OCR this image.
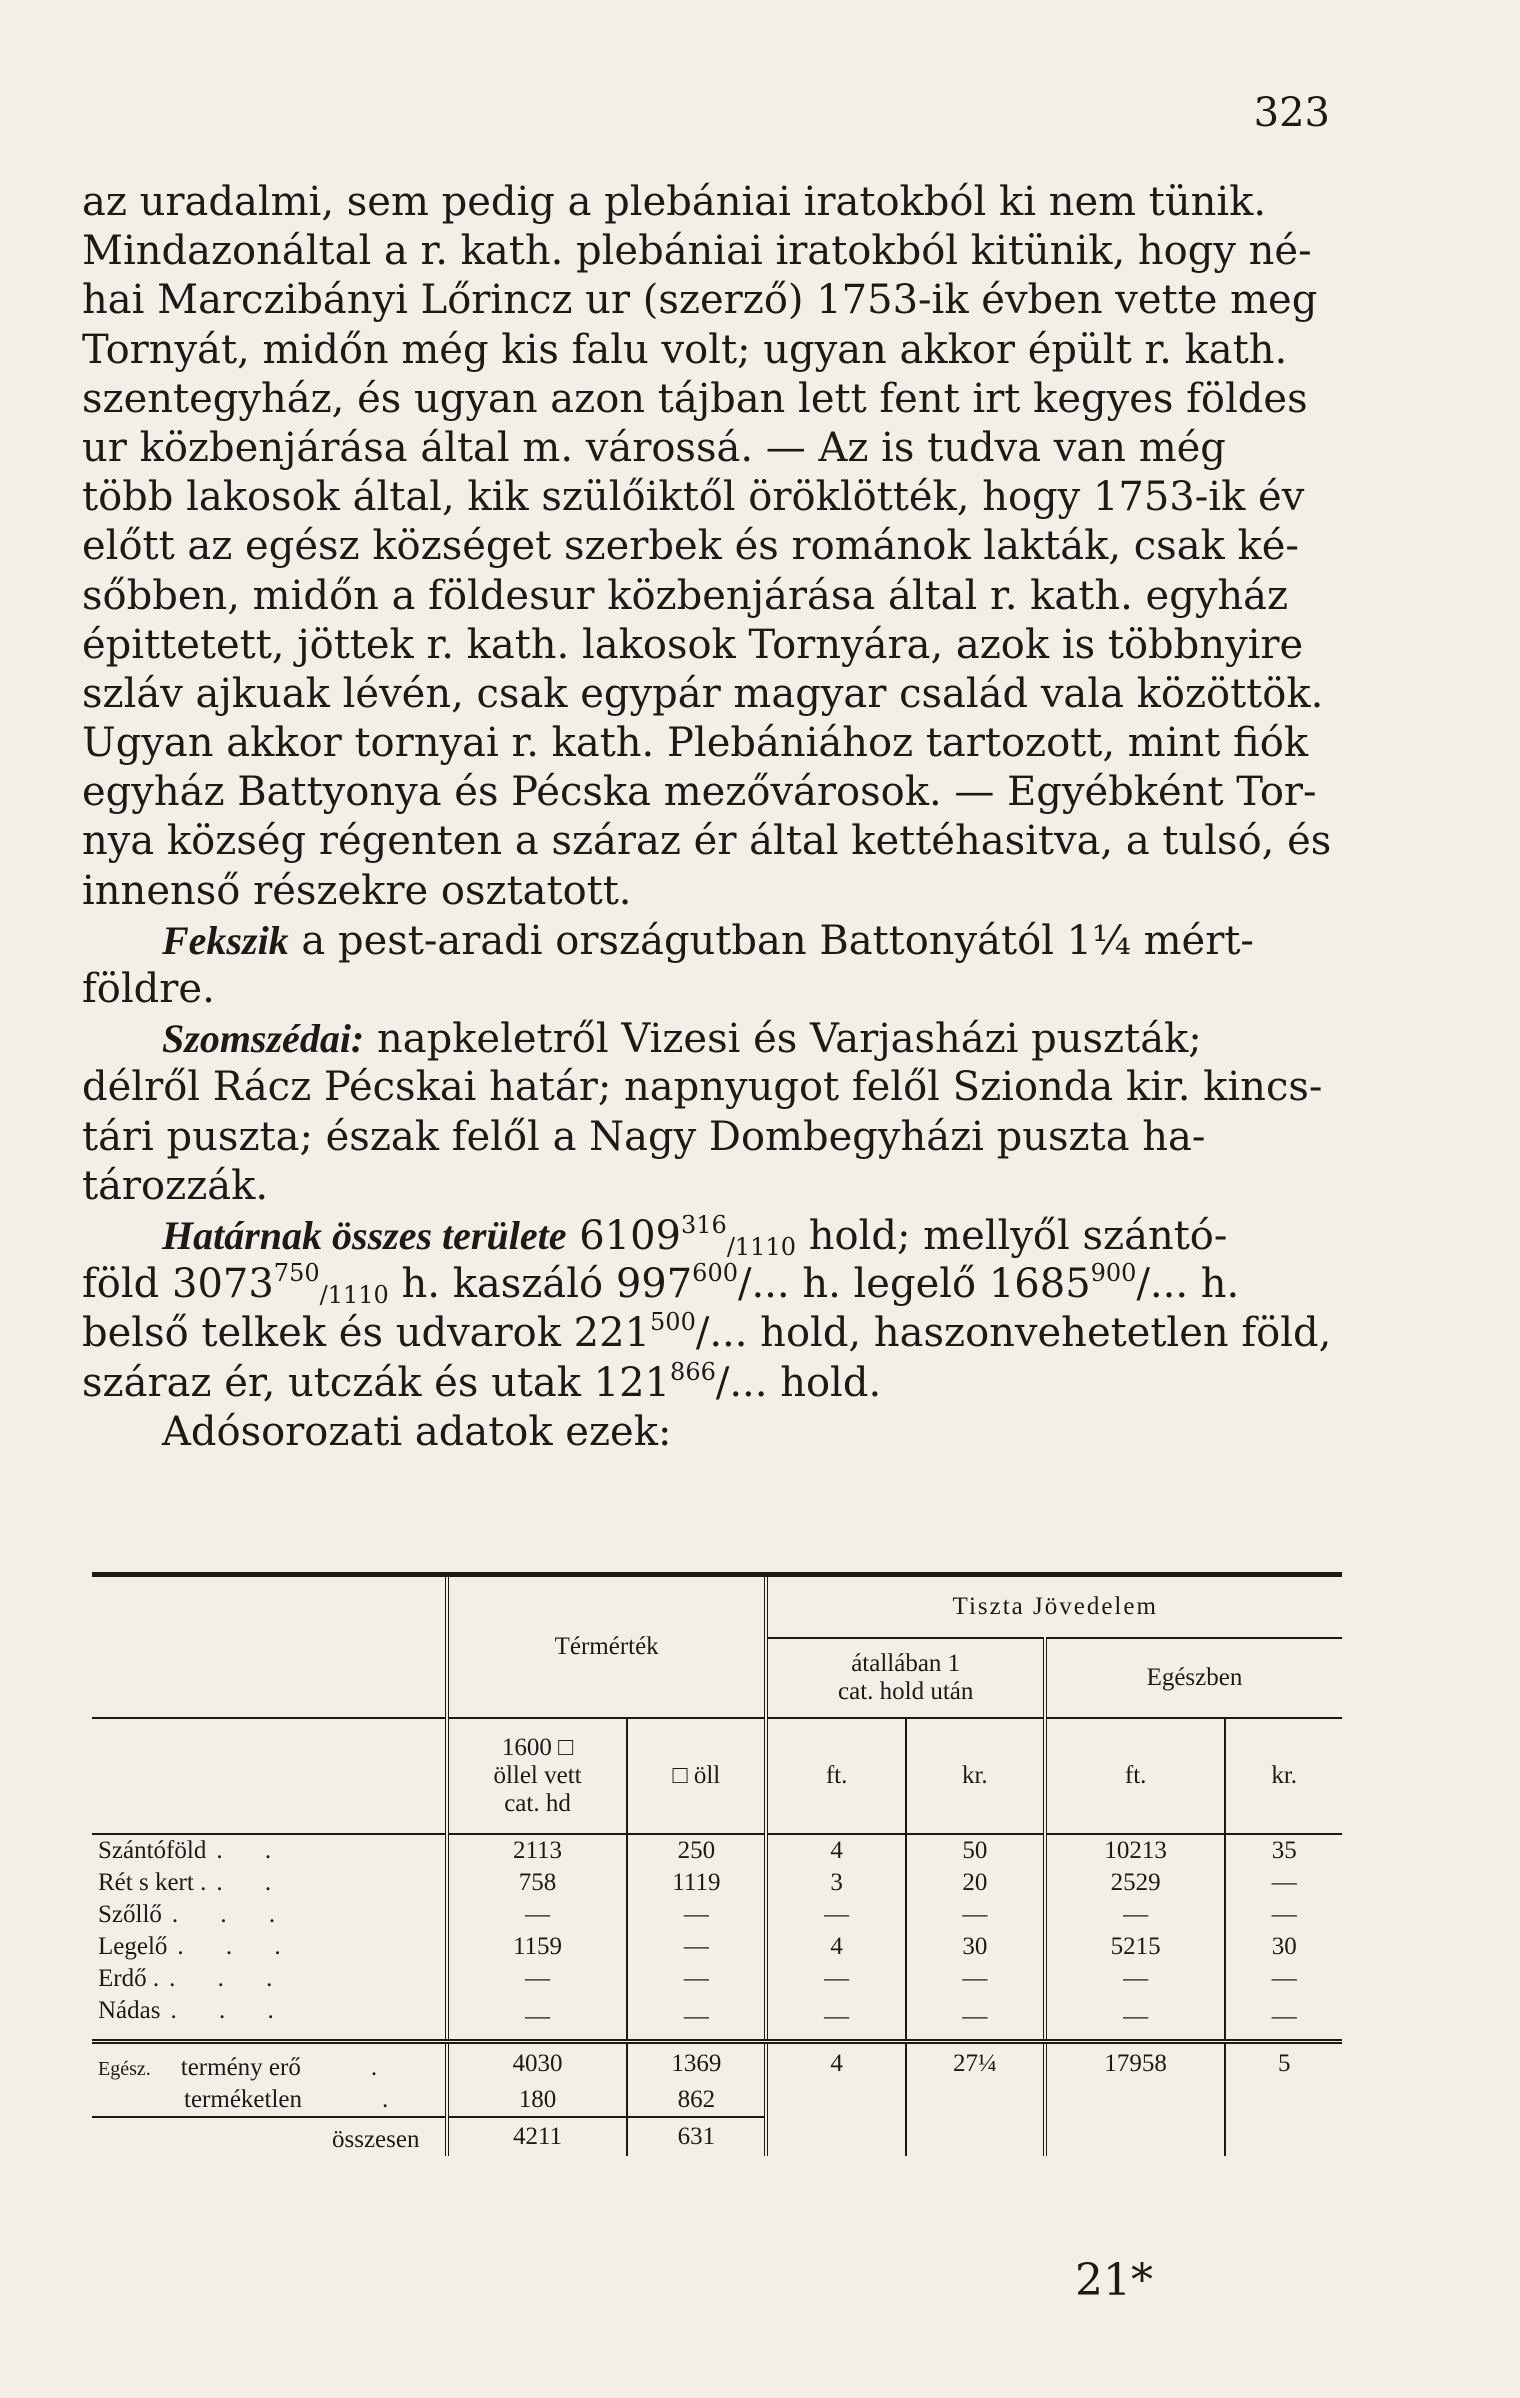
323
az uradalmi, sem pedig a plebániai iratokból ki nem tünik.
Mindazonáltal a r. kath. plebániai iratokból kitünik, hogy né-
hai Marczibányi Lőrincz ur (szerző) 1753-ik évben vette meg
Tornyát, midőn még kis falu volt; ugyan akkor épült r. kath.
szentegyház, és ugyan azon tájban lett fent irt kegyes földes
ur közbenjárása által m. várossá. — Az is tudva van még
több lakosok által, kik szülőiktől öröklötték, hogy 1753-ik év
előtt az egész községet szerbek és románok lakták, csak ké-
sőbben, midőn a földesur közbenjárása által r. kath. egyház
épittetett, jöttek r. kath. lakosok Tornyára, azok is többnyire
szláv ajkuak lévén, csak egypár magyar család vala közöttök.
Ugyan akkor tornyai r. kath. Plebániához tartozott, mint fiók
egyház Battyonya és Pécska mezővárosok. — Egyébként Tor-
nya község régenten a száraz ér által kettéhasitva, a tulsó, és
innenső részekre osztatott.
Fekszik a pest-aradi országutban Battonyától 1¼ mért-
földre.
Szomszédai: napkeletről Vizesi és Varjasházi puszták;
délről Rácz Pécskai határ; napnyugot felől Szionda kir. kincs-
tári puszta; észak felől a Nagy Dombegyházi puszta ha-
tározzák.
Határnak összes területe $6109^{316}_{/1110}$ hold; mellyől szántó-
föld $3073^{750}_{/1110}$ h. kaszáló $997^{600}/$... h. legelő 1685$^{900}$/... h.
belső telkek és udvarok $221^{500}/$... hold, haszonvehetetlen föld,
száraz ér, utczák és utak $121^{866}/$... hold.
Adósorozati adatok ezek:
	Térmérték		Tiszta Jövedelem			

			átallában 1
cat. hold után		Egészben	

	1600 □
öllel vett
cat. hd	□ öll	ft.	kr.	ft.	kr.
Szántóföld . .	2113	250	4	50	10213	35
Rét s kert . . .	758	1119	3	20	2529	—
Szőllő . . .	—	—	—	—	—	—
Legelő . . .	1159	—	4	30	5215	30
Erdő . . . .	—	—	—	—	—	—
Nádas . . .	—	—	—	—	—	—
Egész. termény erő .	4030	1369	4	27¼	17958	5
terméketlen .	180	862				
összesen	4211	631				
21*
